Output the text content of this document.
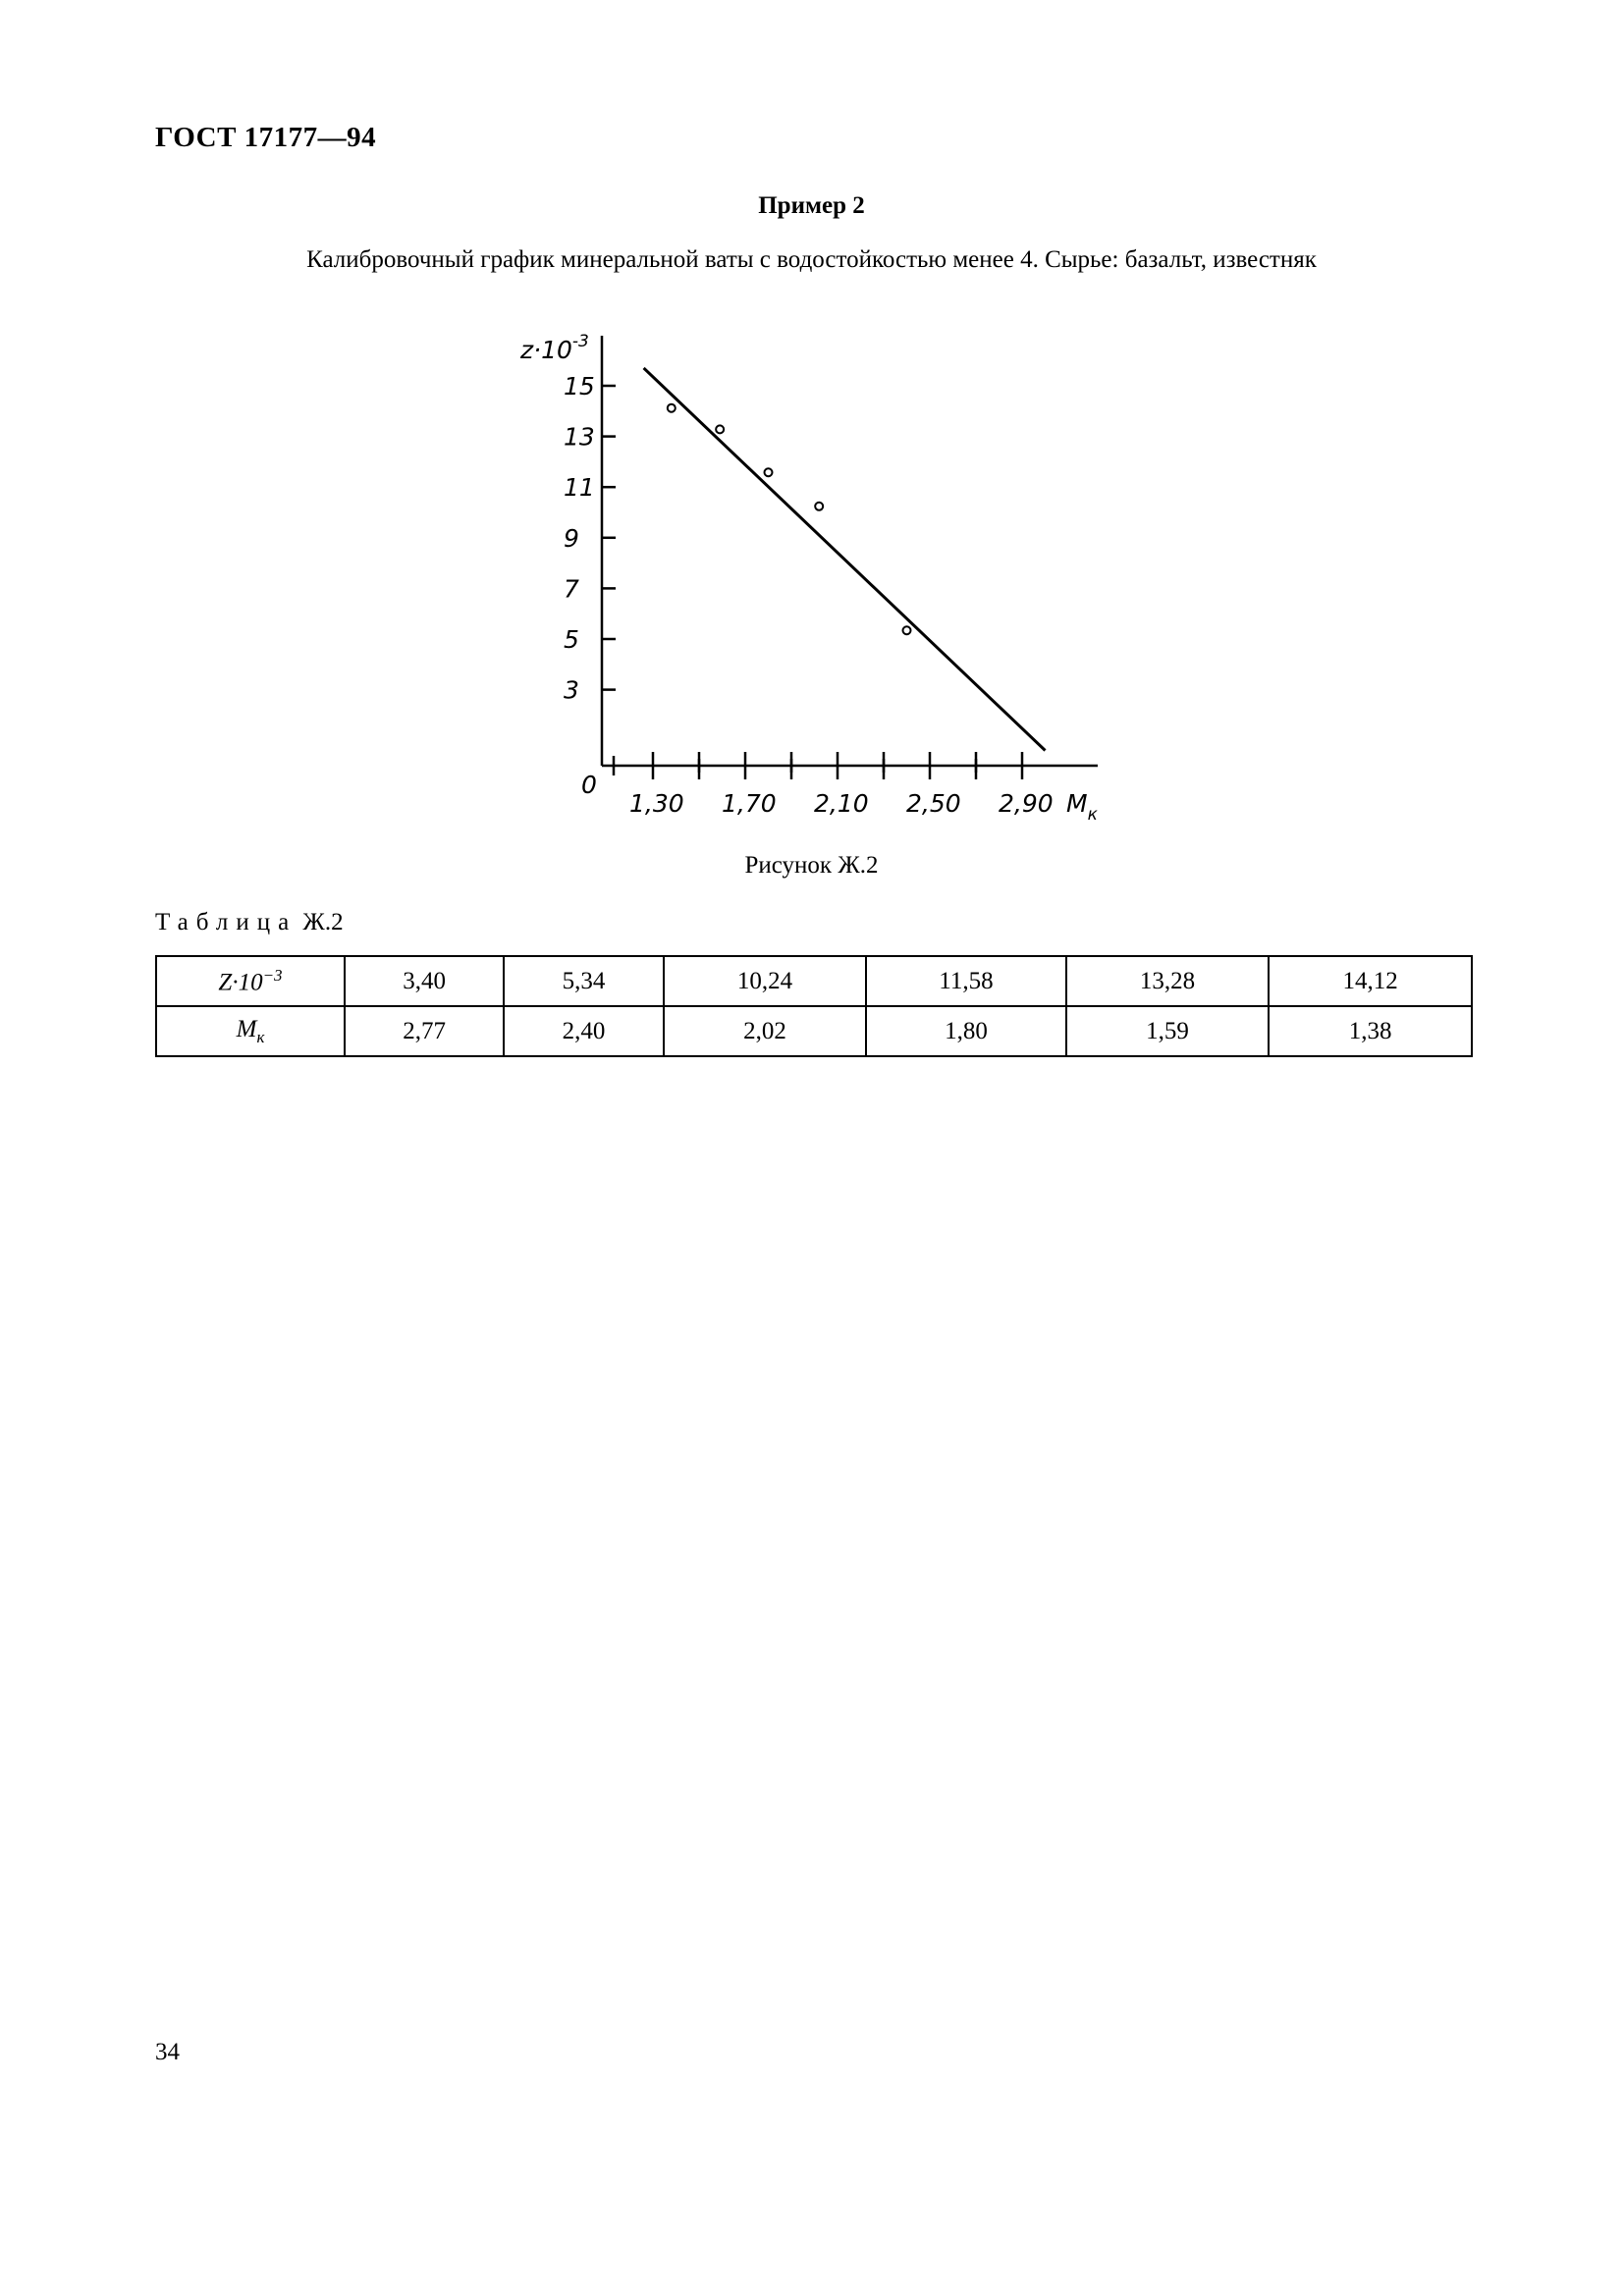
ГОСТ 17177—94
Пример 2
Калибровочный график минеральной ваты с водостойкостью менее 4. Сырье: базальт, известняк
$z\cdot 10^{-3}$
$M_к$
0
15
13
11
9
7
5
3
1,30 1,70 2,10 2,50 2,90
Рисунок Ж.2
Таблица Ж.2
$Z\cdot 10^{-3}$	3,40	5,34	10,24	11,58	13,28	14,12
$M_к$	2,77	2,40	2,02	1,80	1,59	1,38
34
